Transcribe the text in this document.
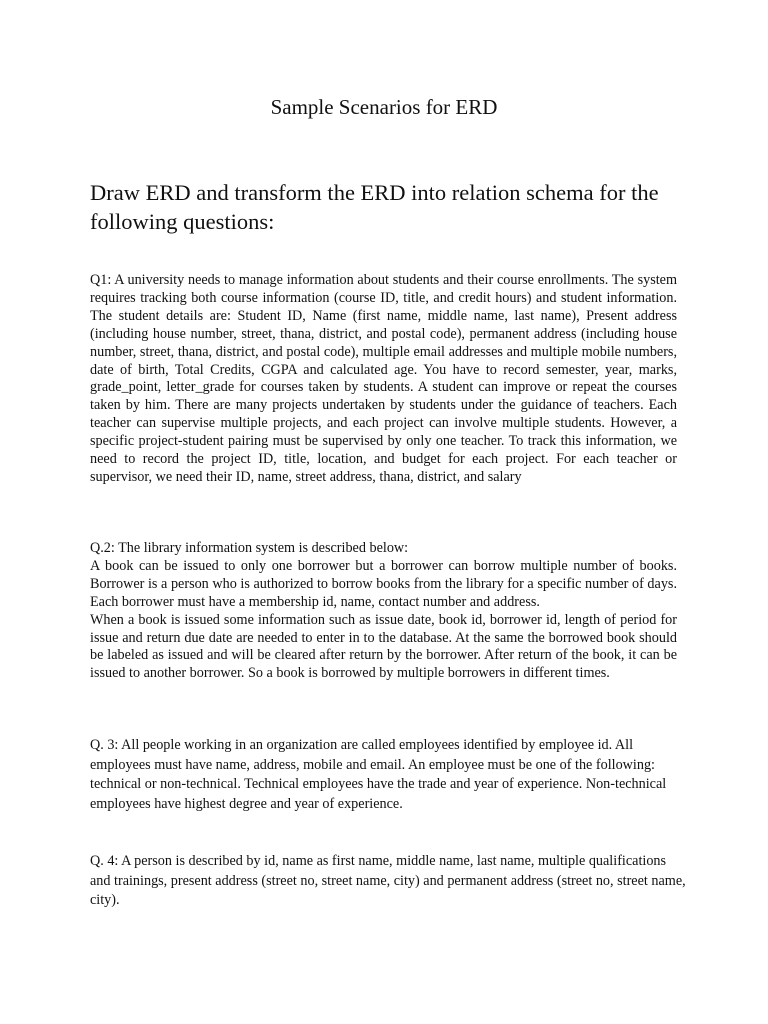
Sample Scenarios for ERD
Draw ERD and transform the ERD into relation schema for the following questions:

Q1: A university needs to manage information about students and their course enrollments. The system requires tracking both course information (course ID, title, and credit hours) and student information. The student details are: Student ID, Name (first name, middle name, last name), Present address (including house number, street, thana, district, and postal code), permanent address (including house number, street, thana, district, and postal code), multiple email addresses and multiple mobile numbers, date of birth, Total Credits, CGPA and calculated age. You have to record semester, year, marks, grade_point, letter_grade for courses taken by students. A student can improve or repeat the courses taken by him. There are many projects undertaken by students under the guidance of teachers. Each teacher can supervise multiple projects, and each project can involve multiple students. However, a specific project-student pairing must be supervised by only one teacher. To track this information, we need to record the project ID, title, location, and budget for each project. For each teacher or supervisor, we need their ID, name, street address, thana, district, and salary

Q.2: The library information system is described below:

A book can be issued to only one borrower but a borrower can borrow multiple number of books. Borrower is a person who is authorized to borrow books from the library for a specific number of days. Each borrower must have a membership id, name, contact number and address.

When a book is issued some information such as issue date, book id, borrower id, length of period for issue and return due date are needed to enter in to the database. At the same the borrowed book should be labeled as issued and will be cleared after return by the borrower. After return of the book, it can be issued to another borrower. So a book is borrowed by multiple borrowers in different times.

Q. 3: All people working in an organization are called employees identified by employee id. All employees must have name, address, mobile and email. An employee must be one of the following: technical or non-technical. Technical employees have the trade and year of experience. Non-technical employees have highest degree and year of experience.

Q. 4: A person is described by id, name as first name, middle name, last name, multiple qualifications and trainings, present address (street no, street name, city) and permanent address (street no, street name, city).
